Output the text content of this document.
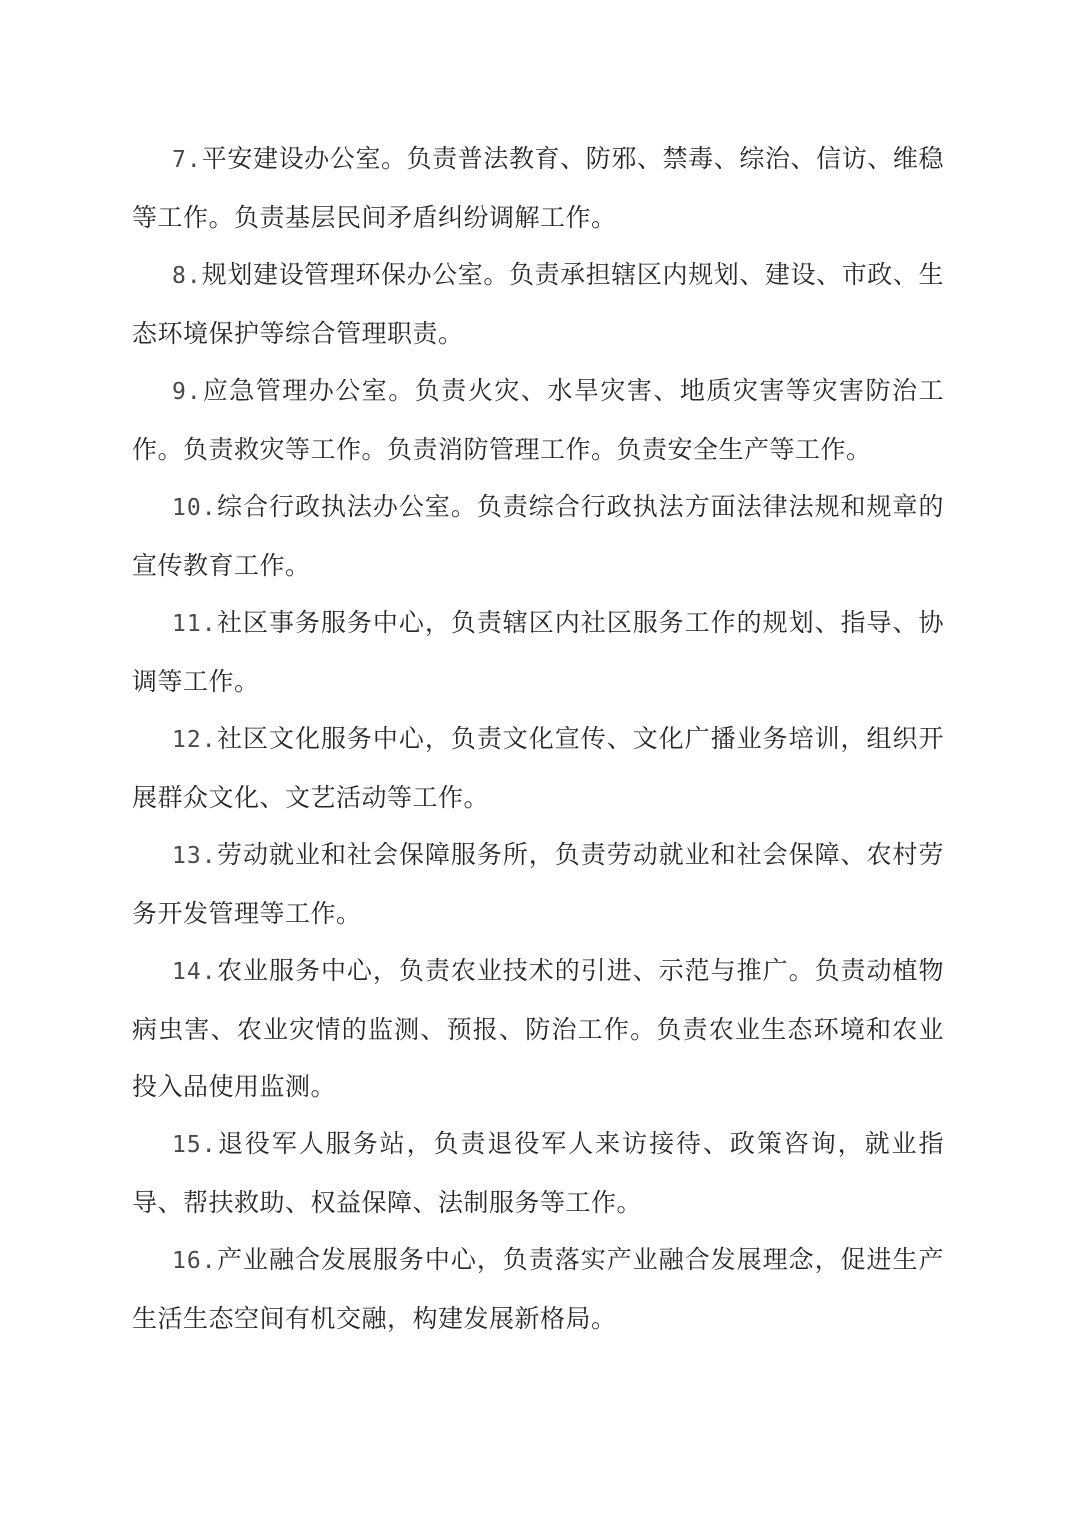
7.平安建设办公室。负责普法教育、防邪、禁毒、综治、信访、维稳等工作。负责基层民间矛盾纠纷调解工作。

8.规划建设管理环保办公室。负责承担辖区内规划、建设、市政、生态环境保护等综合管理职责。

9.应急管理办公室。负责火灾、水旱灾害、地质灾害等灾害防治工作。负责救灾等工作。负责消防管理工作。负责安全生产等工作。

10.综合行政执法办公室。负责综合行政执法方面法律法规和规章的宣传教育工作。

11.社区事务服务中心，负责辖区内社区服务工作的规划、指导、协调等工作。

12.社区文化服务中心，负责文化宣传、文化广播业务培训，组织开展群众文化、文艺活动等工作。

13.劳动就业和社会保障服务所，负责劳动就业和社会保障、农村劳务开发管理等工作。

14.农业服务中心，负责农业技术的引进、示范与推广。负责动植物病虫害、农业灾情的监测、预报、防治工作。负责农业生态环境和农业投入品使用监测。

15.退役军人服务站，负责退役军人来访接待、政策咨询，就业指导、帮扶救助、权益保障、法制服务等工作。

16.产业融合发展服务中心，负责落实产业融合发展理念，促进生产生活生态空间有机交融，构建发展新格局。
